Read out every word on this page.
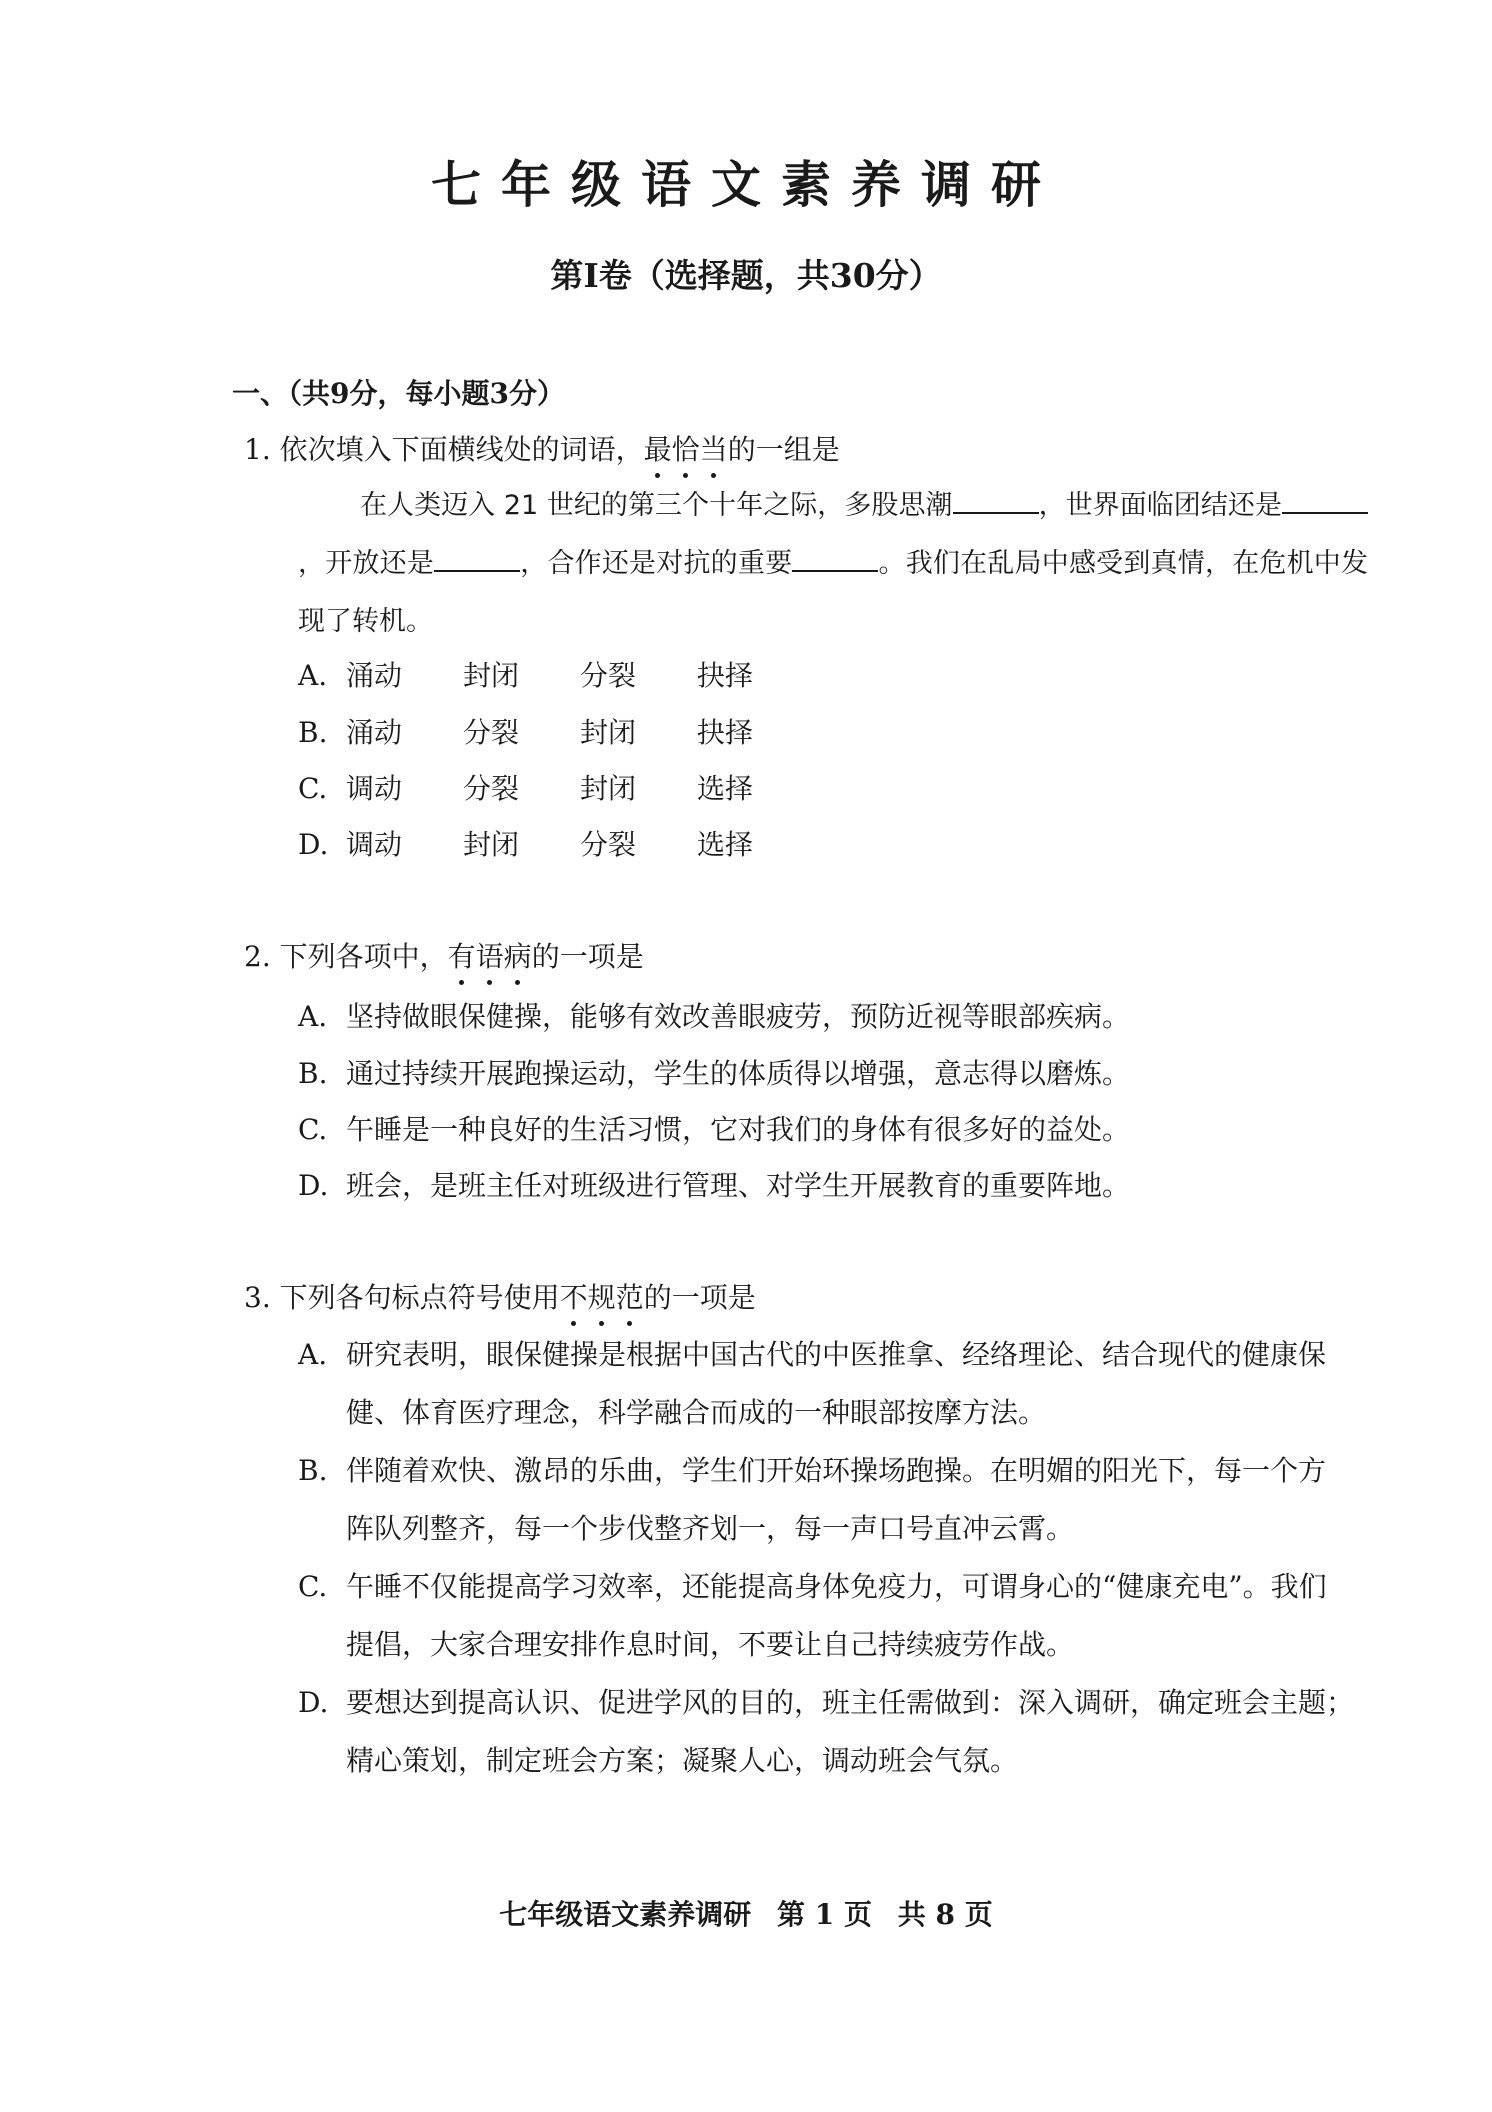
七年级语文素养调研
第Ⅰ卷（选择题，共30分）
一、（共9分，每小题3分）
1. 依次填入下面横线处的词语，最恰当的一组是
在人类迈入 21 世纪的第三个十年之际，多股思潮	，世界面临团结还是，开放还是	，合作还是对抗的重要	。我们在乱局中感受到真情，在危机中发现了转机。
A. 涌动 封闭 分裂 抉择
B. 涌动 分裂 封闭 抉择
C. 调动 分裂 封闭 选择
D. 调动 封闭 分裂 选择
2. 下列各项中，有语病的一项是
A. 坚持做眼保健操，能够有效改善眼疲劳，预防近视等眼部疾病。
B. 通过持续开展跑操运动，学生的体质得以增强，意志得以磨炼。
C. 午睡是一种良好的生活习惯，它对我们的身体有很多好的益处。
D. 班会，是班主任对班级进行管理、对学生开展教育的重要阵地。
3. 下列各句标点符号使用不规范的一项是
A. 研究表明，眼保健操是根据中国古代的中医推拿、经络理论、结合现代的健康保
健、体育医疗理念，科学融合而成的一种眼部按摩方法。
B. 伴随着欢快、激昂的乐曲，学生们开始环操场跑操。在明媚的阳光下，每一个方
阵队列整齐，每一个步伐整齐划一，每一声口号直冲云霄。
C. 午睡不仅能提高学习效率，还能提高身体免疫力，可谓身心的“健康充电”。我们
提倡，大家合理安排作息时间，不要让自己持续疲劳作战。
D. 要想达到提高认识、促进学风的目的，班主任需做到：深入调研，确定班会主题；
精心策划，制定班会方案；凝聚人心，调动班会气氛。
七年级语文素养调研 第 1 页 共 8 页
